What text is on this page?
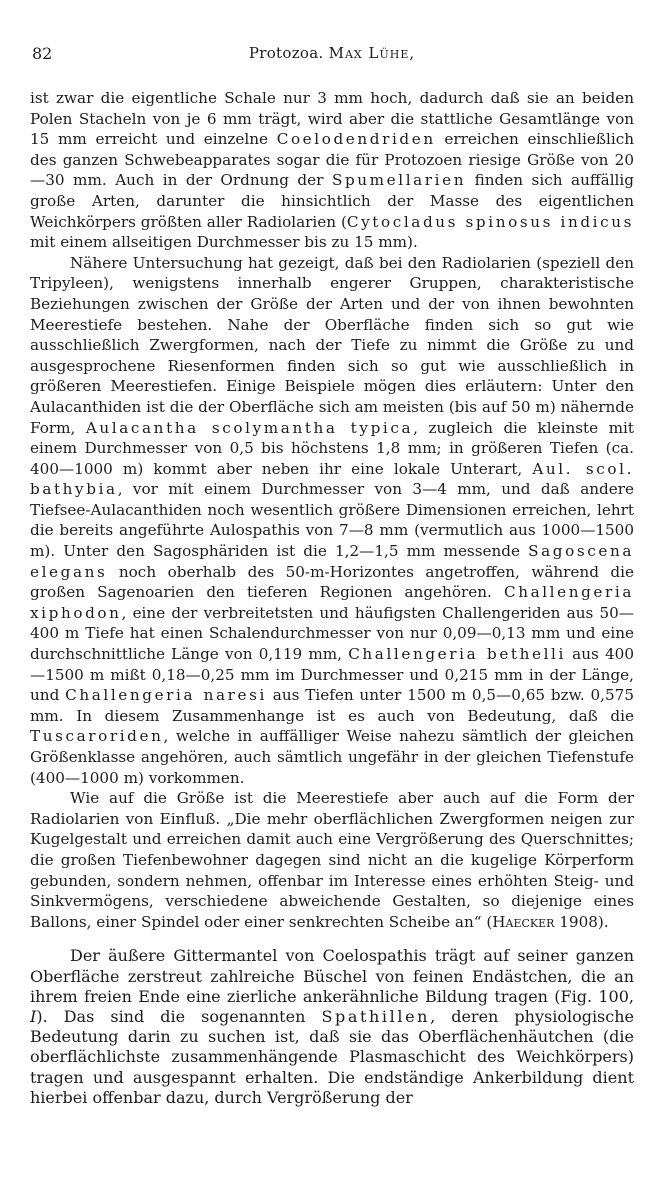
82	Protozoa. Max Lühe,

ist zwar die eigentliche Schale nur 3 mm hoch, dadurch daß sie an beiden Polen Stacheln von je 6 mm trägt, wird aber die stattliche Gesamtlänge von 15 mm erreicht und einzelne Coelodendriden erreichen einschließlich des ganzen Schwebeapparates sogar die für Protozoen riesige Größe von 20—30 mm. Auch in der Ordnung der Spumellarien finden sich auffällig große Arten, darunter die hinsichtlich der Masse des eigentlichen Weichkörpers größten aller Radiolarien (Cytocladus spinosus indicus mit einem allseitigen Durchmesser bis zu 15 mm).

Nähere Untersuchung hat gezeigt, daß bei den Radiolarien (speziell den Tripyleen), wenigstens innerhalb engerer Gruppen, charakteristische Beziehungen zwischen der Größe der Arten und der von ihnen bewohnten Meerestiefe bestehen. Nahe der Oberfläche finden sich so gut wie ausschließlich Zwergformen, nach der Tiefe zu nimmt die Größe zu und ausgesprochene Riesenformen finden sich so gut wie ausschließlich in größeren Meerestiefen. Einige Beispiele mögen dies erläutern: Unter den Aulacanthiden ist die der Oberfläche sich am meisten (bis auf 50 m) nähernde Form, Aulacantha scolymantha typica, zugleich die kleinste mit einem Durchmesser von 0,5 bis höchstens 1,8 mm; in größeren Tiefen (ca. 400—1000 m) kommt aber neben ihr eine lokale Unterart, Aul. scol. bathybia, vor mit einem Durchmesser von 3—4 mm, und daß andere Tiefsee-Aulacanthiden noch wesentlich größere Dimensionen erreichen, lehrt die bereits angeführte Aulospathis von 7—8 mm (vermutlich aus 1000—1500 m). Unter den Sagosphäriden ist die 1,2—1,5 mm messende Sagoscena elegans noch oberhalb des 50-m-Horizontes angetroffen, während die großen Sagenoarien den tieferen Regionen angehören. Challengeria xiphodon, eine der verbreitetsten und häufigsten Challengeriden aus 50—400 m Tiefe hat einen Schalendurchmesser von nur 0,09—0,13 mm und eine durchschnittliche Länge von 0,119 mm, Challengeria bethelli aus 400—1500 m mißt 0,18—0,25 mm im Durchmesser und 0,215 mm in der Länge, und Challengeria naresi aus Tiefen unter 1500 m 0,5—0,65 bzw. 0,575 mm. In diesem Zusammenhange ist es auch von Bedeutung, daß die Tuscaroriden, welche in auffälliger Weise nahezu sämtlich der gleichen Größenklasse angehören, auch sämtlich ungefähr in der gleichen Tiefenstufe (400—1000 m) vorkommen.

Wie auf die Größe ist die Meerestiefe aber auch auf die Form der Radiolarien von Einfluß. „Die mehr oberflächlichen Zwergformen neigen zur Kugelgestalt und erreichen damit auch eine Vergrößerung des Querschnittes; die großen Tiefenbewohner dagegen sind nicht an die kugelige Körperform gebunden, sondern nehmen, offenbar im Interesse eines erhöhten Steig- und Sinkvermögens, verschiedene abweichende Gestalten, so diejenige eines Ballons, einer Spindel oder einer senkrechten Scheibe an“ (Haecker 1908).

Der äußere Gittermantel von Coelospathis trägt auf seiner ganzen Oberfläche zerstreut zahlreiche Büschel von feinen Endästchen, die an ihrem freien Ende eine zierliche ankerähnliche Bildung tragen (Fig. 100, I). Das sind die sogenannten Spathillen, deren physiologische Bedeutung darin zu suchen ist, daß sie das Oberflächenhäutchen (die oberflächlichste zusammenhängende Plasmaschicht des Weichkörpers) tragen und ausgespannt erhalten. Die endständige Ankerbildung dient hierbei offenbar dazu, durch Vergrößerung der
